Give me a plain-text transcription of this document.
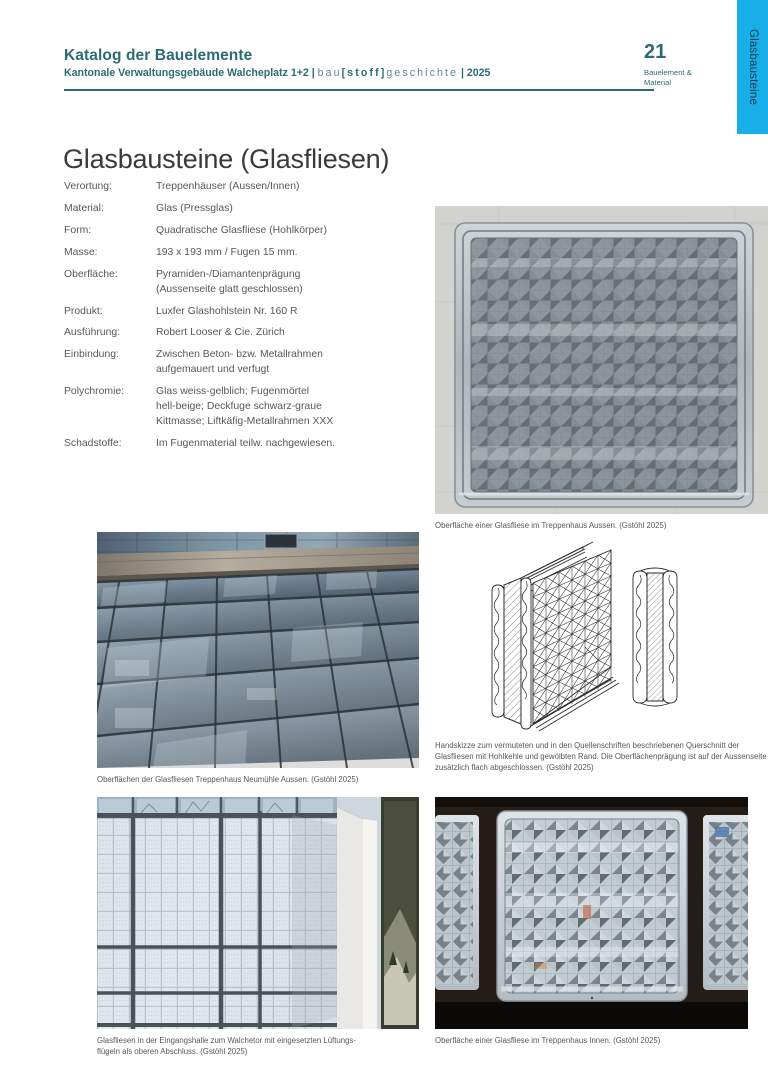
Glasbausteine
Katalog der Bauelemente
Kantonale Verwaltungsgebäude Walcheplatz 1+2 | bau[stoff]geschichte | 2025
21
Bauelement &
Material
Glasbausteine (Glasfliesen)
Verortung:	Treppenhäuser (Aussen/Innen)
Material:	Glas (Pressglas)
Form:	Quadratische Glasfliese (Hohlkörper)
Masse:	193 x 193 mm / Fugen 15 mm.
Oberfläche:	Pyramiden-/Diamantenprägung
(Aussenseite glatt geschlossen)
Produkt:	Luxfer Glashohlstein Nr. 160 R
Ausführung:	Robert Looser & Cie. Zürich
Einbindung:	Zwischen Beton- bzw. Metallrahmen
aufgemauert und verfugt
Polychromie:	Glas weiss-gelblich; Fugenmörtel
hell-beige; Deckfuge schwarz-graue
Kittmasse; Liftkäfig-Metallrahmen XXX
Schadstoffe:	Im Fugenmaterial teilw. nachgewiesen.
Oberfläche einer Glasfliese im Treppenhaus Aussen. (Gstöhl 2025)
Handskizze zum vermuteten und in den Quellenschriften beschriebenen Querschnitt der Glasfliesen mit Hohlkehle und gewölbten Rand. Die Oberflächenprägung ist auf der Aussenseite zusätzlich flach abgeschlossen. (Gstöhl 2025)
Oberflächen der Glasfliesen Treppenhaus Neumühle Aussen. (Gstöhl 2025)
Glasfliesen in der Eingangshalle zum Walchetor mit eingesetzten Lüftungs-
flügeln als oberen Abschluss. (Gstöhl 2025)
Oberfläche einer Glasfliese im Treppenhaus Innen. (Gstöhl 2025)
